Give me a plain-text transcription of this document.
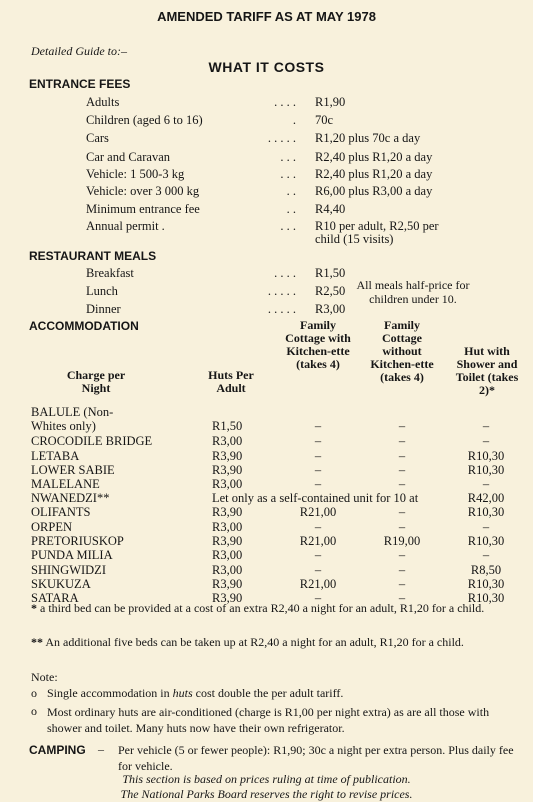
AMENDED TARIFF AS AT MAY 1978
Detailed Guide to:–
WHAT IT COSTS
ENTRANCE FEES
Adults	. . . . R1,90
Children (aged 6 to 16)	. 70c
Cars	. . . . . R1,20 plus 70c a day
Car and Caravan	. . . R2,40 plus R1,20 a day
Vehicle: 1 500-3 kg	. . . R2,40 plus R1,20 a day
Vehicle: over 3 000 kg	. . R6,00 plus R3,00 a day
Minimum entrance fee	. . R4,40
Annual permit .	. . . R10 per adult, R2,50 per
child (15 visits)
RESTAURANT MEALS
Breakfast	. . . . R1,50
Lunch	. . . . . R2,50
Dinner	. . . . . R3,00
All meals half-price for children under 10.
ACCOMMODATION
Charge per Night
Huts Per Adult
Family Cottage with Kitchen-ette (takes 4)
Family Cottage without Kitchen-ette (takes 4)
Hut with Shower and Toilet (takes 2)*
BALULE (Non-
Whites only)	R1,50	–	–	–
CROCODILE BRIDGE	R3,00	–	–	–
LETABA	R3,90	–	–	R10,30
LOWER SABIE	R3,90	–	–	R10,30
MALELANE	R3,00	–	–	–
NWANEDZI**	Let only as a self-contained unit for 10 at	R42,00
OLIFANTS	R3,90	R21,00	–	R10,30
ORPEN	R3,00	–	–	–
PRETORIUSKOP	R3,90	R21,00	R19,00	R10,30
PUNDA MILIA	R3,00	–	–	–
SHINGWIDZI	R3,00	–	–	R8,50
SKUKUZA	R3,90	R21,00	–	R10,30
SATARA	R3,90	–	–	R10,30
* a third bed can be provided at a cost of an extra R2,40 a night for an adult, R1,20 for a child.
** An additional five beds can be taken up at R2,40 a night for an adult, R1,20 for a child.
Note:
o Single accommodation in huts cost double the per adult tariff.
o Most ordinary huts are air-conditioned (charge is R1,00 per night extra) as are all those with shower and toilet. Many huts now have their own refrigerator.
CAMPING – Per vehicle (5 or fewer people): R1,90; 30c a night per extra person. Plus daily fee for vehicle.
This section is based on prices ruling at time of publication.
The National Parks Board reserves the right to revise prices.
